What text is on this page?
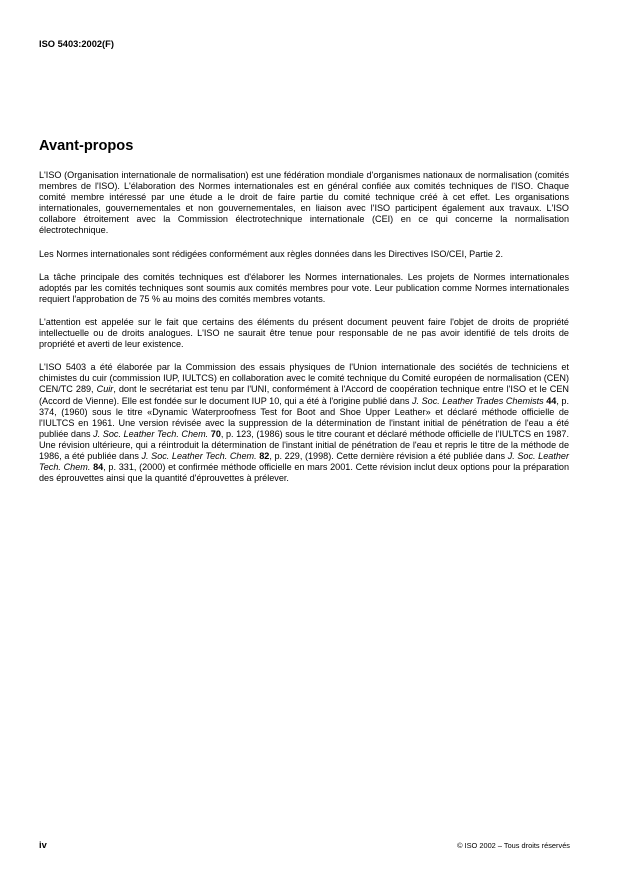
ISO 5403:2002(F)
Avant-propos

L'ISO (Organisation internationale de normalisation) est une fédération mondiale d'organismes nationaux de normalisation (comités membres de l'ISO). L'élaboration des Normes internationales est en général confiée aux comités techniques de l'ISO. Chaque comité membre intéressé par une étude a le droit de faire partie du comité technique créé à cet effet. Les organisations internationales, gouvernementales et non gouvernementales, en liaison avec l'ISO participent également aux travaux. L'ISO collabore étroitement avec la Commission électrotechnique internationale (CEI) en ce qui concerne la normalisation électrotechnique.

Les Normes internationales sont rédigées conformément aux règles données dans les Directives ISO/CEI, Partie 2.

La tâche principale des comités techniques est d'élaborer les Normes internationales. Les projets de Normes internationales adoptés par les comités techniques sont soumis aux comités membres pour vote. Leur publication comme Normes internationales requiert l'approbation de 75 % au moins des comités membres votants.

L'attention est appelée sur le fait que certains des éléments du présent document peuvent faire l'objet de droits de propriété intellectuelle ou de droits analogues. L'ISO ne saurait être tenue pour responsable de ne pas avoir identifié de tels droits de propriété et averti de leur existence.

L'ISO 5403 a été élaborée par la Commission des essais physiques de l'Union internationale des sociétés de techniciens et chimistes du cuir (commission IUP, IULTCS) en collaboration avec le comité technique du Comité européen de normalisation (CEN) CEN/TC 289, Cuir, dont le secrétariat est tenu par l'UNI, conformément à l'Accord de coopération technique entre l'ISO et le CEN (Accord de Vienne). Elle est fondée sur le document IUP 10, qui a été à l'origine publié dans J. Soc. Leather Trades Chemists 44, p. 374, (1960) sous le titre «Dynamic Waterproofness Test for Boot and Shoe Upper Leather» et déclaré méthode officielle de l'IULTCS en 1961. Une version révisée avec la suppression de la détermination de l'instant initial de pénétration de l'eau a été publiée dans J. Soc. Leather Tech. Chem. 70, p. 123, (1986) sous le titre courant et déclaré méthode officielle de l'IULTCS en 1987. Une révision ultérieure, qui a réintroduit la détermination de l'instant initial de pénétration de l'eau et repris le titre de la méthode de 1986, a été publiée dans J. Soc. Leather Tech. Chem. 82, p. 229, (1998). Cette dernière révision a été publiée dans J. Soc. Leather Tech. Chem. 84, p. 331, (2000) et confirmée méthode officielle en mars 2001. Cette révision inclut deux options pour la préparation des éprouvettes ainsi que la quantité d'éprouvettes à prélever.

iv	© ISO 2002 – Tous droits réservés
